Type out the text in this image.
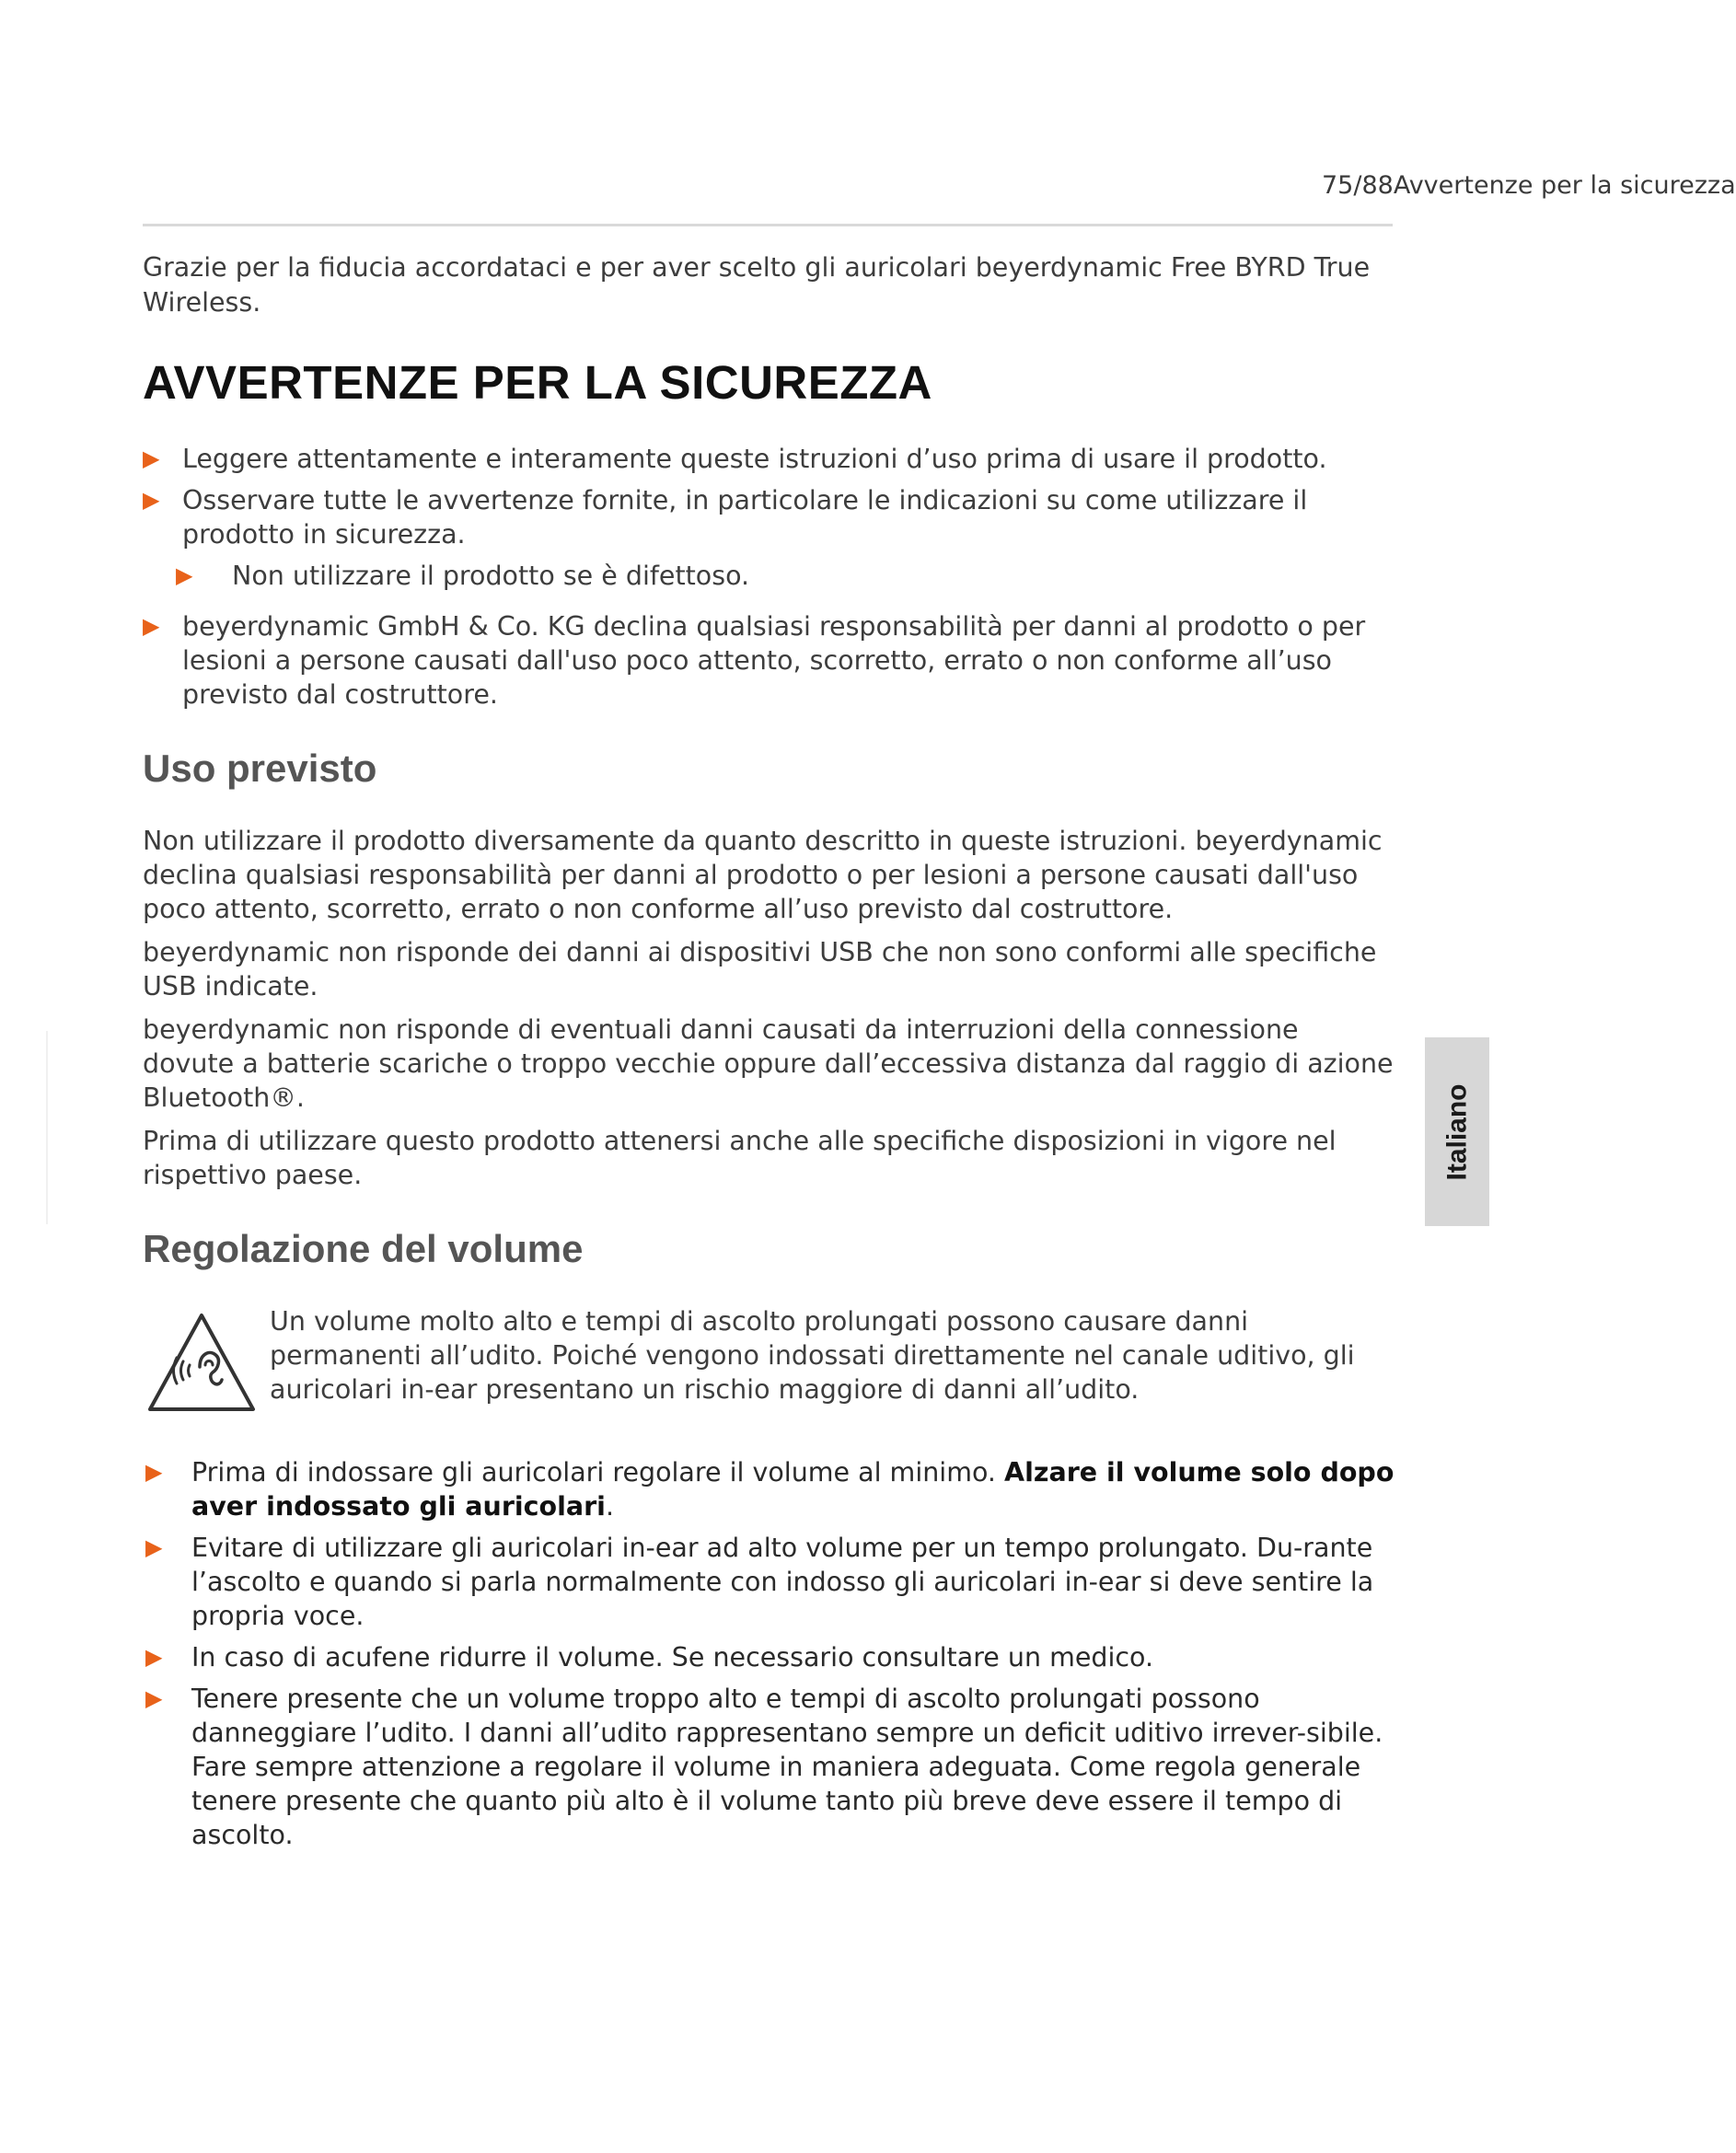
75/88Avvertenze per la sicurezza

Grazie per la fiducia accordataci e per aver scelto gli auricolari beyerdynamic Free BYRD True Wireless.

AVVERTENZE PER LA SICUREZZA
▶ Leggere attentamente e interamente queste istruzioni d’uso prima di usare il prodotto.
▶ Osservare tutte le avvertenze fornite, in particolare le indicazioni su come utilizzare il prodotto in sicurezza.
▶ Non utilizzare il prodotto se è difettoso.
▶ beyerdynamic GmbH & Co. KG declina qualsiasi responsabilità per danni al prodotto o per lesioni a persone causati dall'uso poco attento, scorretto, errato o non conforme all’uso previsto dal costruttore.
Uso previsto

Non utilizzare il prodotto diversamente da quanto descritto in queste istruzioni. beyerdynamic declina qualsiasi responsabilità per danni al prodotto o per lesioni a persone causati dall'uso poco attento, scorretto, errato o non conforme all’uso previsto dal costruttore.

beyerdynamic non risponde dei danni ai dispositivi USB che non sono conformi alle specifiche USB indicate.

beyerdynamic non risponde di eventuali danni causati da interruzioni della connessione dovute a batterie scariche o troppo vecchie oppure dall’eccessiva distanza dal raggio di azione Bluetooth®.

Prima di utilizzare questo prodotto attenersi anche alle specifiche disposizioni in vigore nel rispettivo paese.

Regolazione del volume

Un volume molto alto e tempi di ascolto prolungati possono causare danni permanenti all’udito. Poiché vengono indossati direttamente nel canale uditivo, gli auricolari in-ear presentano un rischio maggiore di danni all’udito.

▶ Prima di indossare gli auricolari regolare il volume al minimo. Alzare il volume solo dopo aver indossato gli auricolari.
▶ Evitare di utilizzare gli auricolari in-ear ad alto volume per un tempo prolungato. Du-rante l’ascolto e quando si parla normalmente con indosso gli auricolari in-ear si deve sentire la propria voce.
▶ In caso di acufene ridurre il volume. Se necessario consultare un medico.
▶ Tenere presente che un volume troppo alto e tempi di ascolto prolungati possono danneggiare l’udito. I danni all’udito rappresentano sempre un deficit uditivo irrever-sibile. Fare sempre attenzione a regolare il volume in maniera adeguata. Come regola generale tenere presente che quanto più alto è il volume tanto più breve deve essere il tempo di ascolto.
Italiano
